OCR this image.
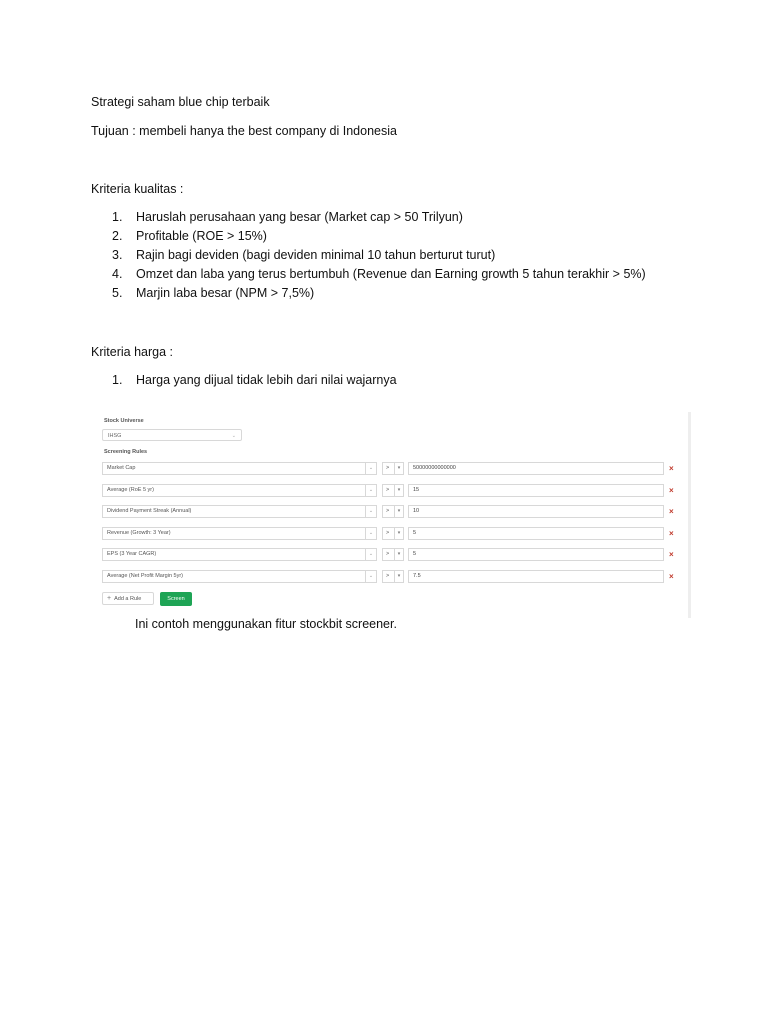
Strategi saham blue chip terbaik
Tujuan : membeli hanya the best company di Indonesia
Kriteria kualitas :
1. Haruslah perusahaan yang besar (Market cap > 50 Trilyun)
2. Profitable (ROE > 15%)
3. Rajin bagi deviden (bagi deviden minimal 10 tahun berturut turut)
4. Omzet dan laba yang terus bertumbuh (Revenue dan Earning growth 5 tahun terakhir > 5%)
5. Marjin laba besar (NPM > 7,5%)
Kriteria harga :
1. Harga yang dijual tidak lebih dari nilai wajarnya
Stock Universe
IHSG	⌄
Screening Rules
Market Cap	⌄	>	▾	50000000000000	×
Average (RoE 5 yr)	⌄	>	▾	15	×
Dividend Payment Streak (Annual)	⌄	>	▾	10	×
Revenue (Growth: 3 Year)	⌄	>	▾	5	×
EPS (3 Year CAGR)	⌄	>	▾	5	×
Average (Net Profit Margin 5yr)	⌄	>	▾	7.5	×
+ Add a Rule	Screen
Ini contoh menggunakan fitur stockbit screener.
